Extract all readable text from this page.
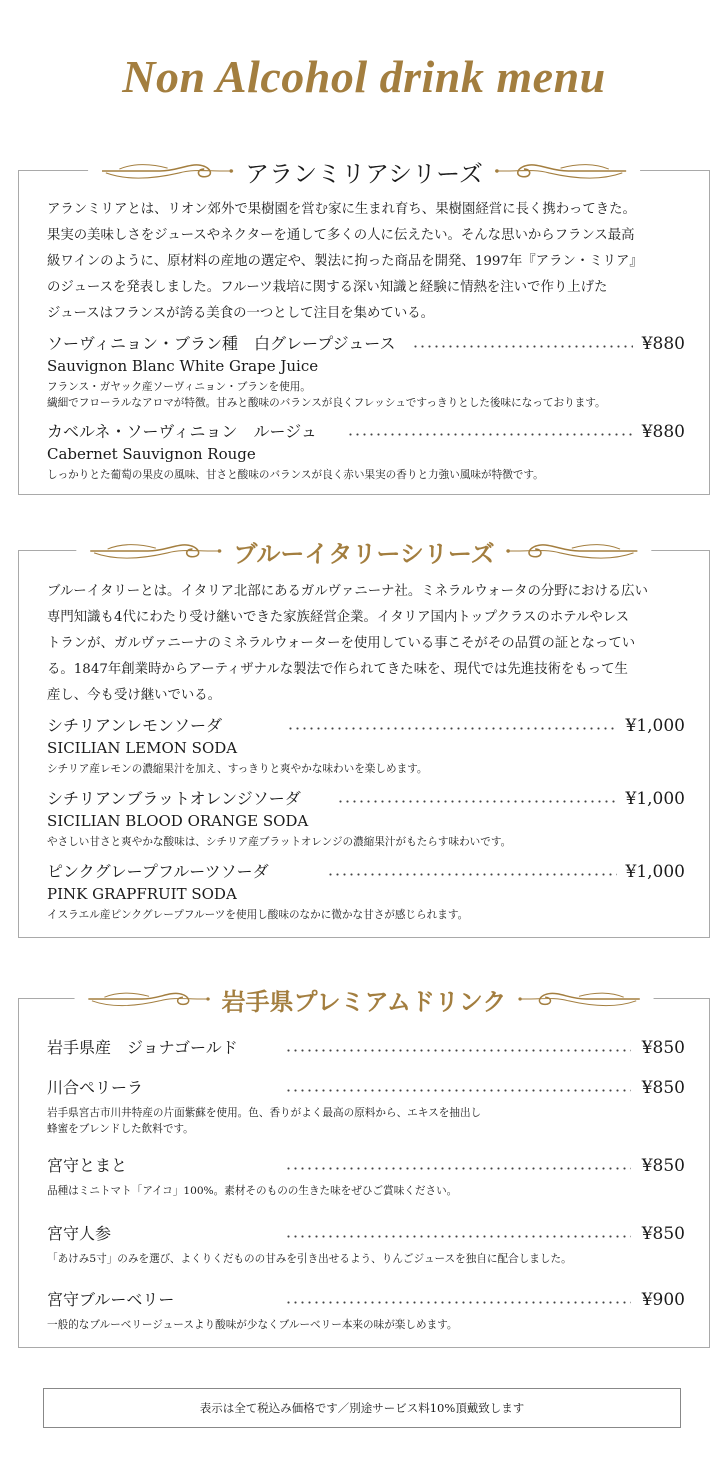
Non Alcohol drink menu
アランミリアシリーズ
アランミリアとは、リオン郊外で果樹園を営む家に生まれ育ち、果樹園経営に長く携わってきた。
果実の美味しさをジュースやネクターを通して多くの人に伝えたい。そんな思いからフランス最高
級ワインのように、原材料の産地の選定や、製法に拘った商品を開発、1997年『アラン・ミリア』
のジュースを発表しました。フルーツ栽培に関する深い知識と経験に情熱を注いで作り上げた
ジュースはフランスが誇る美食の一つとして注目を集めている。
ソーヴィニョン・ブラン種　白グレープジュース	¥880
Sauvignon Blanc White Grape Juice
フランス・ガヤック産ソーヴィニョン・ブランを使用。
繊細でフローラルなアロマが特徴。甘みと酸味のバランスが良くフレッシュですっきりとした後味になっております。
カベルネ・ソーヴィニョン　ルージュ	¥880
Cabernet Sauvignon Rouge
しっかりとた葡萄の果皮の風味、甘さと酸味のバランスが良く赤い果実の香りと力強い風味が特徴です。
ブルーイタリーシリーズ
ブルーイタリーとは。イタリア北部にあるガルヴァニーナ社。ミネラルウォータの分野における広い
専門知識も4代にわたり受け継いできた家族経営企業。イタリア国内トップクラスのホテルやレス
トランが、ガルヴァニーナのミネラルウォーターを使用している事こそがその品質の証となってい
る。1847年創業時からアーティザナルな製法で作られてきた味を、現代では先進技術をもって生
産し、今も受け継いでいる。
シチリアンレモンソーダ	¥1,000
SICILIAN LEMON SODA
シチリア産レモンの濃縮果汁を加え、すっきりと爽やかな味わいを楽しめます。
シチリアンブラットオレンジソーダ	¥1,000
SICILIAN BLOOD ORANGE SODA
やさしい甘さと爽やかな酸味は、シチリア産ブラットオレンジの濃縮果汁がもたらす味わいです。
ピンクグレープフルーツソーダ	¥1,000
PINK GRAPFRUIT SODA
イスラエル産ピンクグレープフルーツを使用し酸味のなかに微かな甘さが感じられます。
岩手県プレミアムドリンク
岩手県産　ジョナゴールド	¥850
川合ペリーラ	¥850
岩手県宮古市川井特産の片面紫蘇を使用。色、香りがよく最高の原料から、エキスを抽出し
蜂蜜をブレンドした飲料です。
宮守とまと	¥850
品種はミニトマト「アイコ」100%。素材そのものの生きた味をぜひご賞味ください。
宮守人参	¥850
「あけみ5寸」のみを選び、よくりくだものの甘みを引き出せるよう、りんごジュースを独自に配合しました。
宮守ブルーベリー	¥900
一般的なブルーベリージュースより酸味が少なくブルーベリー本来の味が楽しめます。
表示は全て税込み価格です／別途サービス料10%頂戴致します
